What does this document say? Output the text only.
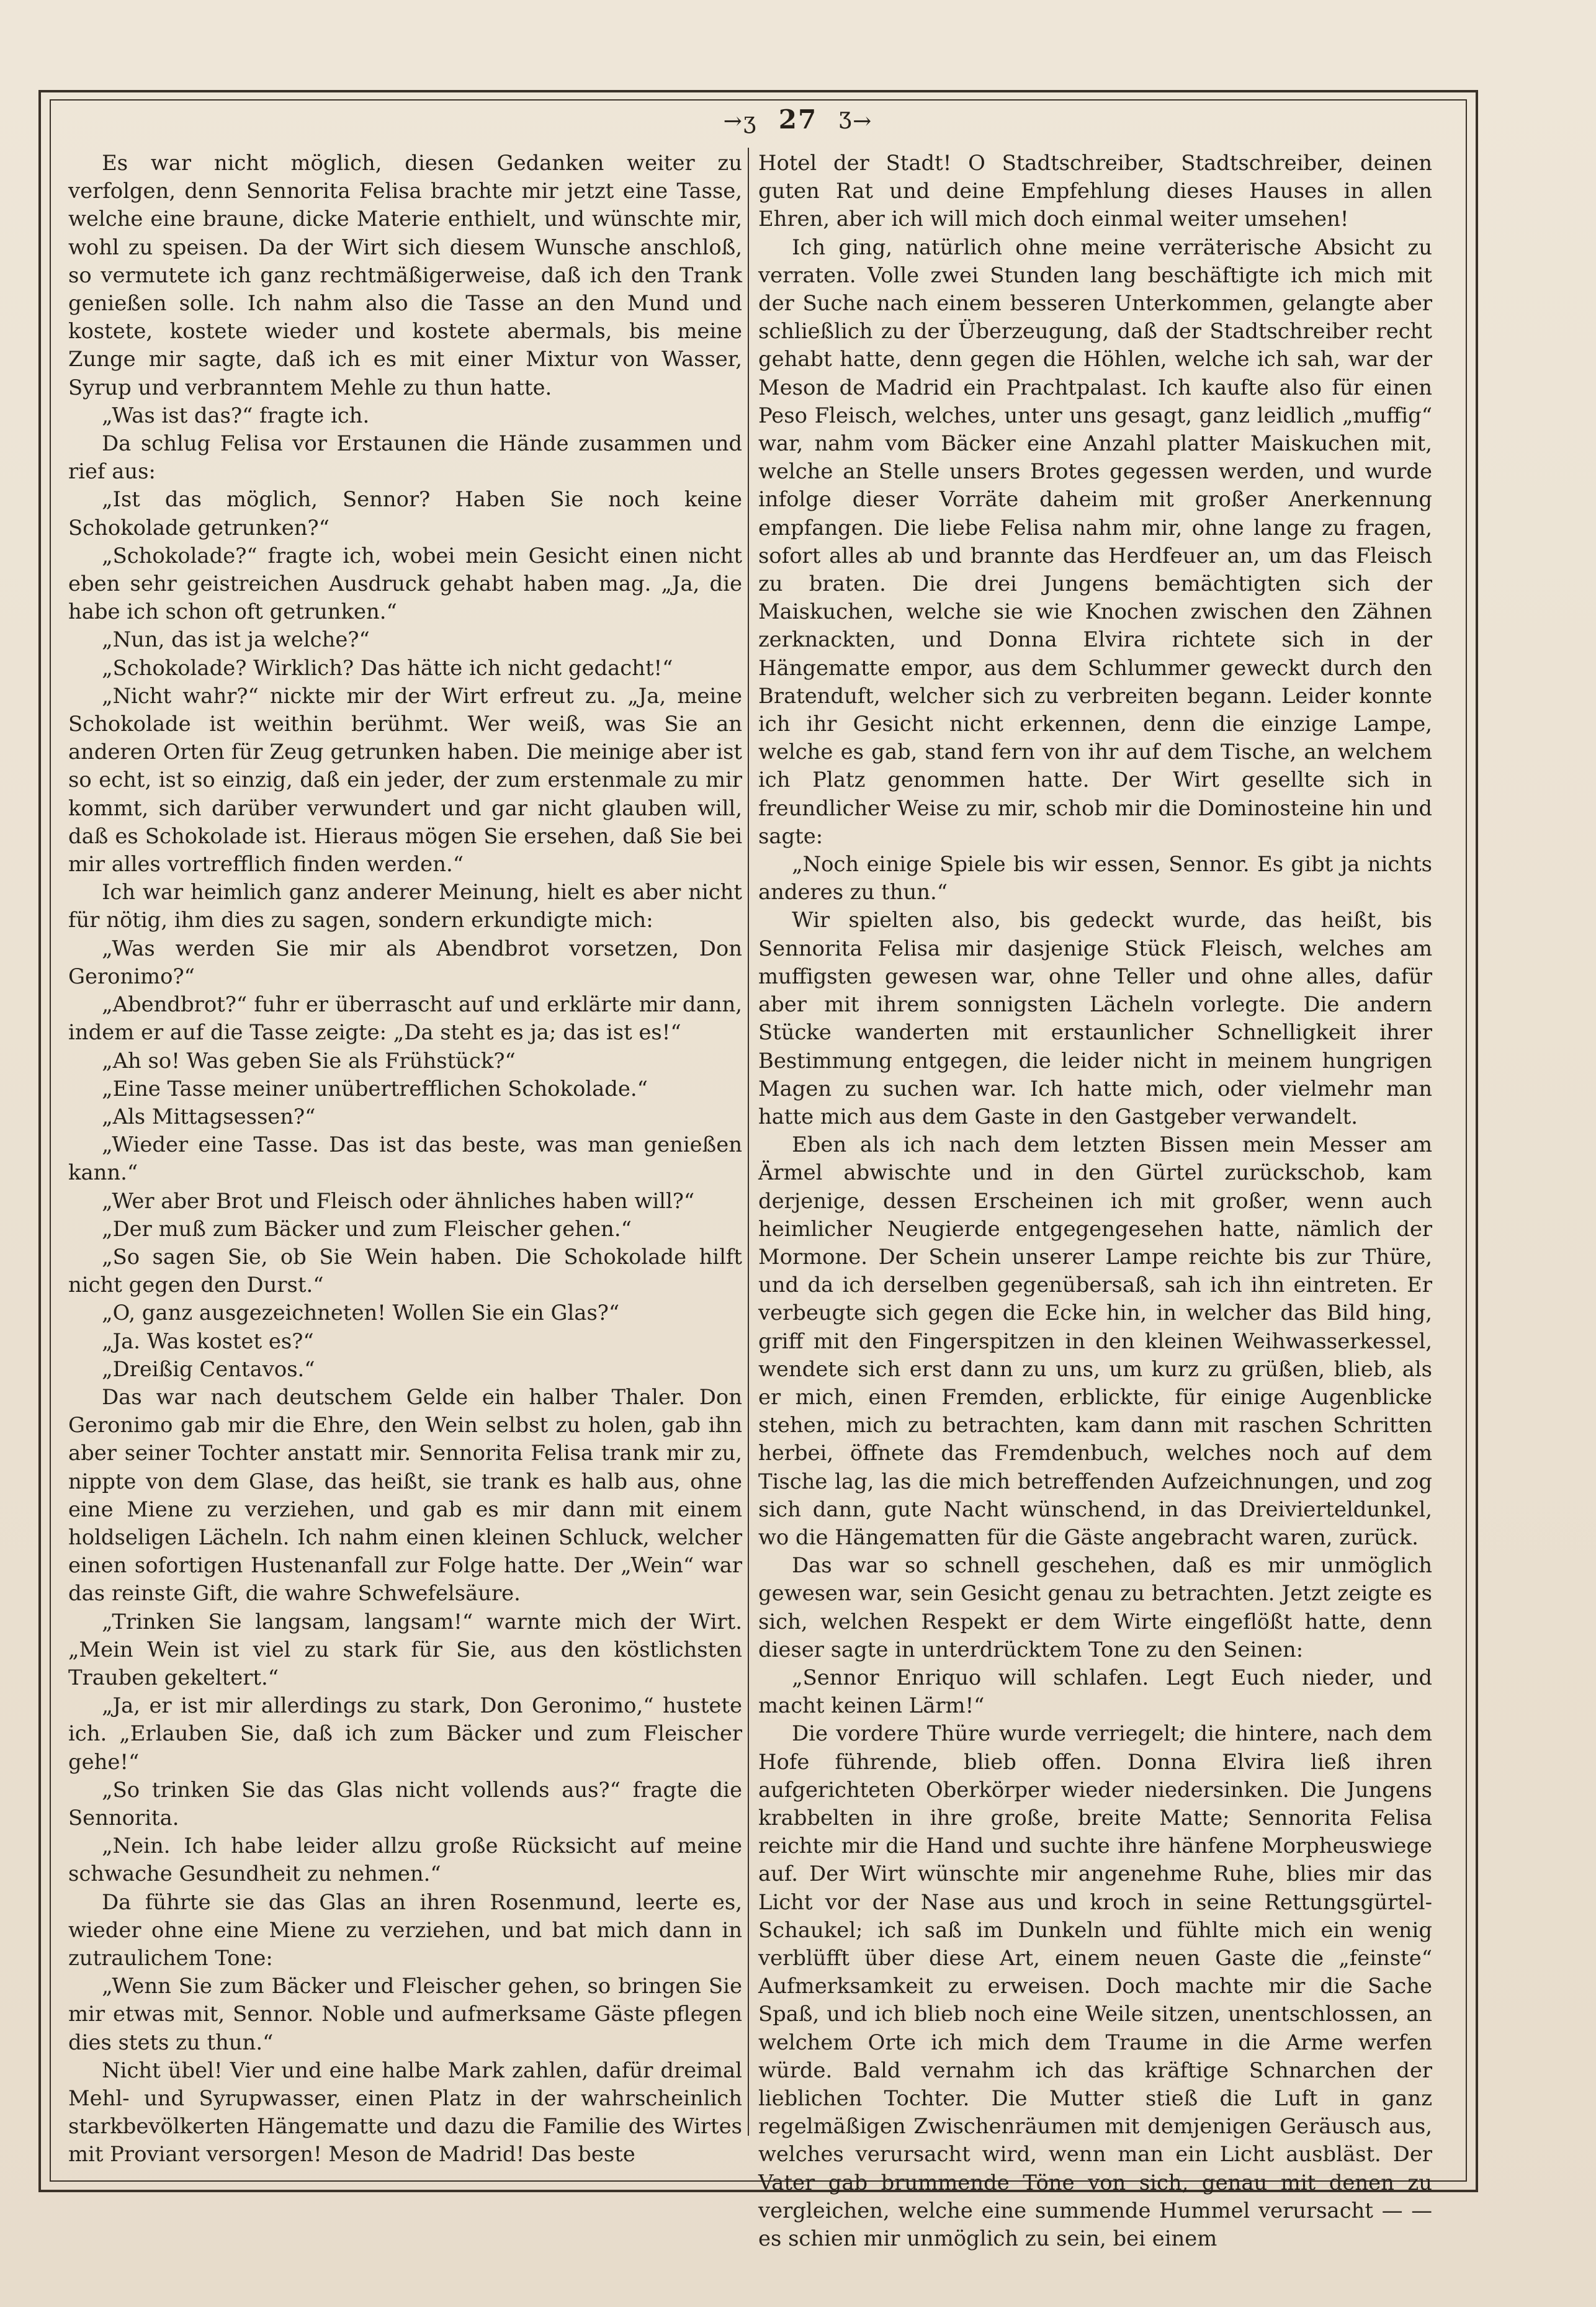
→ʒ 27 Ʒ→

Es war nicht möglich, diesen Gedanken weiter zu verfolgen, denn Sennorita Felisa brachte mir jetzt eine Tasse, welche eine braune, dicke Materie enthielt, und wünschte mir, wohl zu speisen. Da der Wirt sich diesem Wunsche anschloß, so vermutete ich ganz rechtmäßigerweise, daß ich den Trank genießen solle. Ich nahm also die Tasse an den Mund und kostete, kostete wieder und kostete abermals, bis meine Zunge mir sagte, daß ich es mit einer Mixtur von Wasser, Syrup und verbranntem Mehle zu thun hatte.

„Was ist das?“ fragte ich.

Da schlug Felisa vor Erstaunen die Hände zusammen und rief aus:

„Ist das möglich, Sennor? Haben Sie noch keine Schokolade getrunken?“

„Schokolade?“ fragte ich, wobei mein Gesicht einen nicht eben sehr geistreichen Ausdruck gehabt haben mag. „Ja, die habe ich schon oft getrunken.“

„Nun, das ist ja welche?“

„Schokolade? Wirklich? Das hätte ich nicht gedacht!“

„Nicht wahr?“ nickte mir der Wirt erfreut zu. „Ja, meine Schokolade ist weithin berühmt. Wer weiß, was Sie an anderen Orten für Zeug getrunken haben. Die meinige aber ist so echt, ist so einzig, daß ein jeder, der zum erstenmale zu mir kommt, sich darüber verwundert und gar nicht glauben will, daß es Schokolade ist. Hieraus mögen Sie ersehen, daß Sie bei mir alles vortrefflich finden werden.“

Ich war heimlich ganz anderer Meinung, hielt es aber nicht für nötig, ihm dies zu sagen, sondern erkundigte mich:

„Was werden Sie mir als Abendbrot vorsetzen, Don Geronimo?“

„Abendbrot?“ fuhr er überrascht auf und erklärte mir dann, indem er auf die Tasse zeigte: „Da steht es ja; das ist es!“

„Ah so! Was geben Sie als Frühstück?“

„Eine Tasse meiner unübertrefflichen Schokolade.“

„Als Mittagsessen?“

„Wieder eine Tasse. Das ist das beste, was man genießen kann.“

„Wer aber Brot und Fleisch oder ähnliches haben will?“

„Der muß zum Bäcker und zum Fleischer gehen.“

„So sagen Sie, ob Sie Wein haben. Die Schokolade hilft nicht gegen den Durst.“

„O, ganz ausgezeichneten! Wollen Sie ein Glas?“

„Ja. Was kostet es?“

„Dreißig Centavos.“

Das war nach deutschem Gelde ein halber Thaler. Don Geronimo gab mir die Ehre, den Wein selbst zu holen, gab ihn aber seiner Tochter anstatt mir. Sennorita Felisa trank mir zu, nippte von dem Glase, das heißt, sie trank es halb aus, ohne eine Miene zu verziehen, und gab es mir dann mit einem holdseligen Lächeln. Ich nahm einen kleinen Schluck, welcher einen sofortigen Hustenanfall zur Folge hatte. Der „Wein“ war das reinste Gift, die wahre Schwefelsäure.

„Trinken Sie langsam, langsam!“ warnte mich der Wirt. „Mein Wein ist viel zu stark für Sie, aus den köstlichsten Trauben gekeltert.“

„Ja, er ist mir allerdings zu stark, Don Geronimo,“ hustete ich. „Erlauben Sie, daß ich zum Bäcker und zum Fleischer gehe!“

„So trinken Sie das Glas nicht vollends aus?“ fragte die Sennorita.

„Nein. Ich habe leider allzu große Rücksicht auf meine schwache Gesundheit zu nehmen.“

Da führte sie das Glas an ihren Rosenmund, leerte es, wieder ohne eine Miene zu verziehen, und bat mich dann in zutraulichem Tone:

„Wenn Sie zum Bäcker und Fleischer gehen, so bringen Sie mir etwas mit, Sennor. Noble und aufmerksame Gäste pflegen dies stets zu thun.“

Nicht übel! Vier und eine halbe Mark zahlen, dafür dreimal Mehl- und Syrupwasser, einen Platz in der wahrscheinlich starkbevölkerten Hängematte und dazu die Familie des Wirtes mit Proviant versorgen! Meson de Madrid! Das beste

Hotel der Stadt! O Stadtschreiber, Stadtschreiber, deinen guten Rat und deine Empfehlung dieses Hauses in allen Ehren, aber ich will mich doch einmal weiter umsehen!

Ich ging, natürlich ohne meine verräterische Absicht zu verraten. Volle zwei Stunden lang beschäftigte ich mich mit der Suche nach einem besseren Unterkommen, gelangte aber schließlich zu der Überzeugung, daß der Stadtschreiber recht gehabt hatte, denn gegen die Höhlen, welche ich sah, war der Meson de Madrid ein Prachtpalast. Ich kaufte also für einen Peso Fleisch, welches, unter uns gesagt, ganz leidlich „muffig“ war, nahm vom Bäcker eine Anzahl platter Maiskuchen mit, welche an Stelle unsers Brotes gegessen werden, und wurde infolge dieser Vorräte daheim mit großer Anerkennung empfangen. Die liebe Felisa nahm mir, ohne lange zu fragen, sofort alles ab und brannte das Herdfeuer an, um das Fleisch zu braten. Die drei Jungens bemächtigten sich der Maiskuchen, welche sie wie Knochen zwischen den Zähnen zerknackten, und Donna Elvira richtete sich in der Hängematte empor, aus dem Schlummer geweckt durch den Bratenduft, welcher sich zu verbreiten begann. Leider konnte ich ihr Gesicht nicht erkennen, denn die einzige Lampe, welche es gab, stand fern von ihr auf dem Tische, an welchem ich Platz genommen hatte. Der Wirt gesellte sich in freundlicher Weise zu mir, schob mir die Dominosteine hin und sagte:

„Noch einige Spiele bis wir essen, Sennor. Es gibt ja nichts anderes zu thun.“

Wir spielten also, bis gedeckt wurde, das heißt, bis Sennorita Felisa mir dasjenige Stück Fleisch, welches am muffigsten gewesen war, ohne Teller und ohne alles, dafür aber mit ihrem sonnigsten Lächeln vorlegte. Die andern Stücke wanderten mit erstaunlicher Schnelligkeit ihrer Bestimmung entgegen, die leider nicht in meinem hungrigen Magen zu suchen war. Ich hatte mich, oder vielmehr man hatte mich aus dem Gaste in den Gastgeber verwandelt.

Eben als ich nach dem letzten Bissen mein Messer am Ärmel abwischte und in den Gürtel zurückschob, kam derjenige, dessen Erscheinen ich mit großer, wenn auch heimlicher Neugierde entgegengesehen hatte, nämlich der Mormone. Der Schein unserer Lampe reichte bis zur Thüre, und da ich derselben gegenübersaß, sah ich ihn eintreten. Er verbeugte sich gegen die Ecke hin, in welcher das Bild hing, griff mit den Fingerspitzen in den kleinen Weihwasserkessel, wendete sich erst dann zu uns, um kurz zu grüßen, blieb, als er mich, einen Fremden, erblickte, für einige Augenblicke stehen, mich zu betrachten, kam dann mit raschen Schritten herbei, öffnete das Fremdenbuch, welches noch auf dem Tische lag, las die mich betreffenden Aufzeichnungen, und zog sich dann, gute Nacht wünschend, in das Dreivierteldunkel, wo die Hängematten für die Gäste angebracht waren, zurück.

Das war so schnell geschehen, daß es mir unmöglich gewesen war, sein Gesicht genau zu betrachten. Jetzt zeigte es sich, welchen Respekt er dem Wirte eingeflößt hatte, denn dieser sagte in unterdrücktem Tone zu den Seinen:

„Sennor Enriquo will schlafen. Legt Euch nieder, und macht keinen Lärm!“

Die vordere Thüre wurde verriegelt; die hintere, nach dem Hofe führende, blieb offen. Donna Elvira ließ ihren aufgerichteten Oberkörper wieder niedersinken. Die Jungens krabbelten in ihre große, breite Matte; Sennorita Felisa reichte mir die Hand und suchte ihre hänfene Morpheuswiege auf. Der Wirt wünschte mir angenehme Ruhe, blies mir das Licht vor der Nase aus und kroch in seine Rettungsgürtel-Schaukel; ich saß im Dunkeln und fühlte mich ein wenig verblüfft über diese Art, einem neuen Gaste die „feinste“ Aufmerksamkeit zu erweisen. Doch machte mir die Sache Spaß, und ich blieb noch eine Weile sitzen, unentschlossen, an welchem Orte ich mich dem Traume in die Arme werfen würde. Bald vernahm ich das kräftige Schnarchen der lieblichen Tochter. Die Mutter stieß die Luft in ganz regelmäßigen Zwischenräumen mit demjenigen Geräusch aus, welches verursacht wird, wenn man ein Licht ausbläst. Der Vater gab brummende Töne von sich, genau mit denen zu vergleichen, welche eine summende Hummel verursacht — — es schien mir unmöglich zu sein, bei einem
